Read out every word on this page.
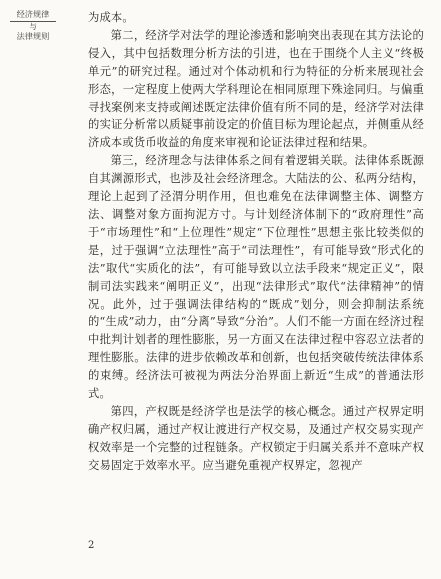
经济规律
与
法律规则

为成本。

第二，经济学对法学的理论渗透和影响突出表现在其方法论的侵入，其中包括数理分析方法的引进，也在于围绕个人主义“终极单元”的研究过程。通过对个体动机和行为特征的分析来展现社会形态，一定程度上使两大学科理论在相同原理下殊途同归。与偏重寻找案例来支持或阐述既定法律价值有所不同的是，经济学对法律的实证分析常以质疑事前设定的价值目标为理论起点，并侧重从经济成本或货币收益的角度来审视和论证法律过程和结果。

第三，经济理念与法律体系之间有着逻辑关联。法律体系既源自其渊源形式，也涉及社会经济理念。大陆法的公、私两分结构，理论上起到了泾渭分明作用，但也难免在法律调整主体、调整方法、调整对象方面拘泥方寸。与计划经济体制下的“政府理性”高于“市场理性”和“上位理性”规定“下位理性”思想主张比较类似的是，过于强调“立法理性”高于“司法理性”，有可能导致“形式化的法”取代“实质化的法”，有可能导致以立法手段来“规定正义”，限制司法实践来“阐明正义”，出现“法律形式”取代“法律精神”的情况。此外，过于强调法律结构的“既成”划分，则会抑制法系统的“生成”动力，由“分离”导致“分治”。人们不能一方面在经济过程中批判计划者的理性膨胀，另一方面又在法律过程中容忍立法者的理性膨胀。法律的进步依赖改革和创新，也包括突破传统法律体系的束缚。经济法可被视为两法分治界面上新近“生成”的普通法形式。

第四，产权既是经济学也是法学的核心概念。通过产权界定明确产权归属，通过产权让渡进行产权交易，及通过产权交易实现产权效率是一个完整的过程链条。产权锁定于归属关系并不意味产权交易固定于效率水平。应当避免重视产权界定，忽视产

2
